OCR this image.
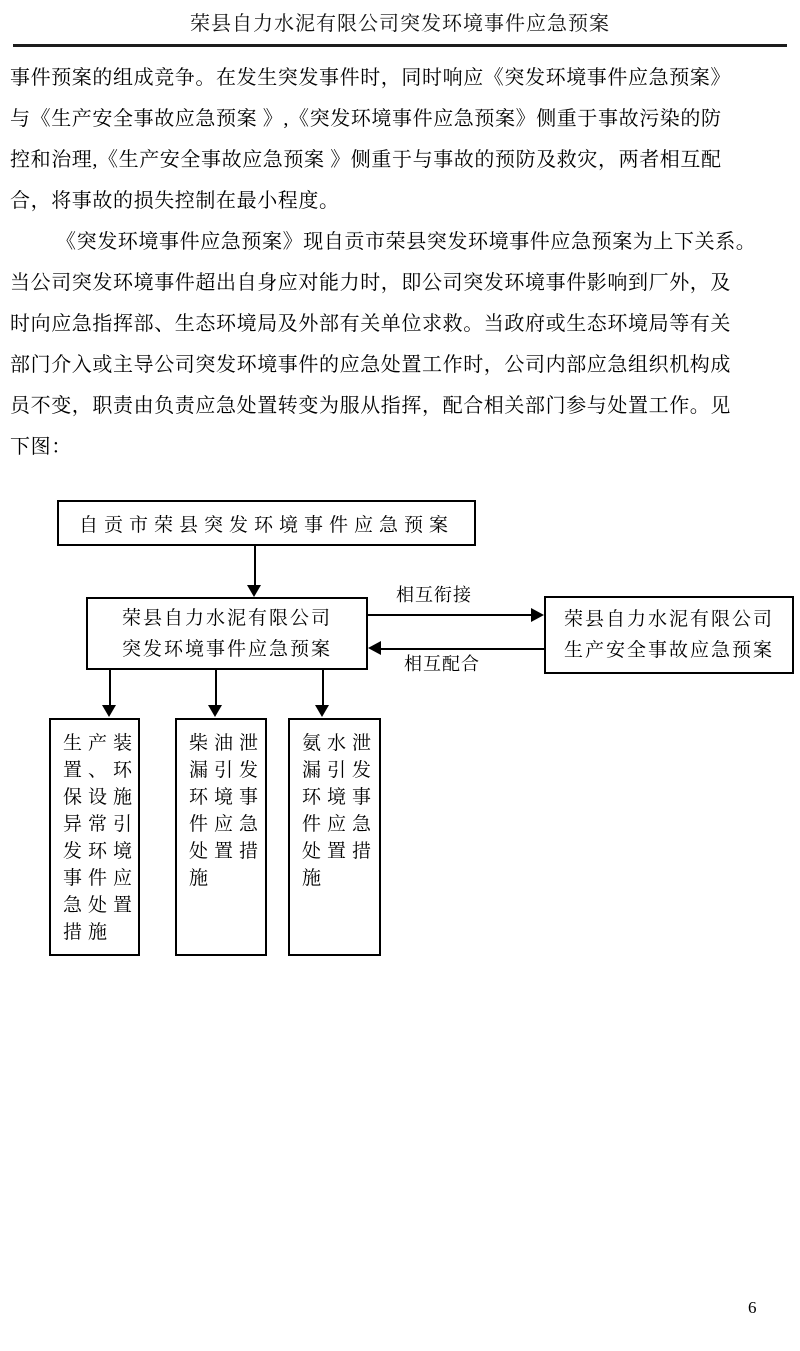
荣县自力水泥有限公司突发环境事件应急预案
事件预案的组成竞争。在发生突发事件时，同时响应《突发环境事件应急预案》
与《生产安全事故应急预案 》,《突发环境事件应急预案》侧重于事故污染的防
控和治理,《生产安全事故应急预案 》侧重于与事故的预防及救灾，两者相互配
合，将事故的损失控制在最小程度。
《突发环境事件应急预案》现自贡市荣县突发环境事件应急预案为上下关系。
当公司突发环境事件超出自身应对能力时，即公司突发环境事件影响到厂外，及
时向应急指挥部、生态环境局及外部有关单位求救。当政府或生态环境局等有关
部门介入或主导公司突发环境事件的应急处置工作时，公司内部应急组织机构成
员不变，职责由负责应急处置转变为服从指挥，配合相关部门参与处置工作。见
下图：
自贡市荣县突发环境事件应急预案
荣县自力水泥有限公司
突发环境事件应急预案
荣县自力水泥有限公司
生产安全事故应急预案
相互衔接
相互配合
生产装置、环保设施异常引发环境事件应急处置措施
柴油泄漏引发环境事件应急处置措施
氨水泄漏引发环境事件应急处置措施
6
